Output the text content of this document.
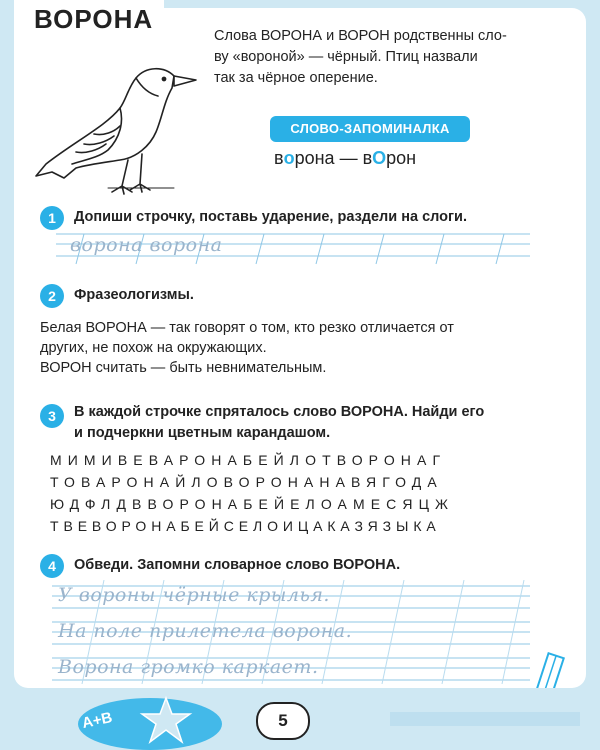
ВОРОНА
Слова ВОРОНА и ВОРОН родственны сло-
ву «вороной» — чёрный. Птиц назвали
так за чёрное оперение.
СЛОВО-ЗАПОМИНАЛКА
ворона — вОрон
1	Допиши строчку, поставь ударение, раздели на слоги.
ворона ворона
2	Фразеологизмы.
Белая ВОРОНА — так говорят о том, кто резко отличается от
других, не похож на окружающих.
ВОРОН считать — быть невнимательным.
3	В каждой строчке спряталось слово ВОРОНА. Найди его
и подчеркни цветным карандашом.
МИМИВЕВАРОНАБЕЙЛОТВОРОНАГ
ТОВАРОНАЙЛОВОРОНАНАВЯГОДА
ЮДФЛДВВОРОНАБЕЙЕЛОАМЕСЯЦЖ
ТВЕВОРОНАБЕЙСЕЛОИЦАКАЗЯЗЫКА
4	Обведи. Запомни словарное слово ВОРОНА.
У вороны чёрные крылья.
На поле прилетела ворона.
Ворона громко каркает.
A+B	5
